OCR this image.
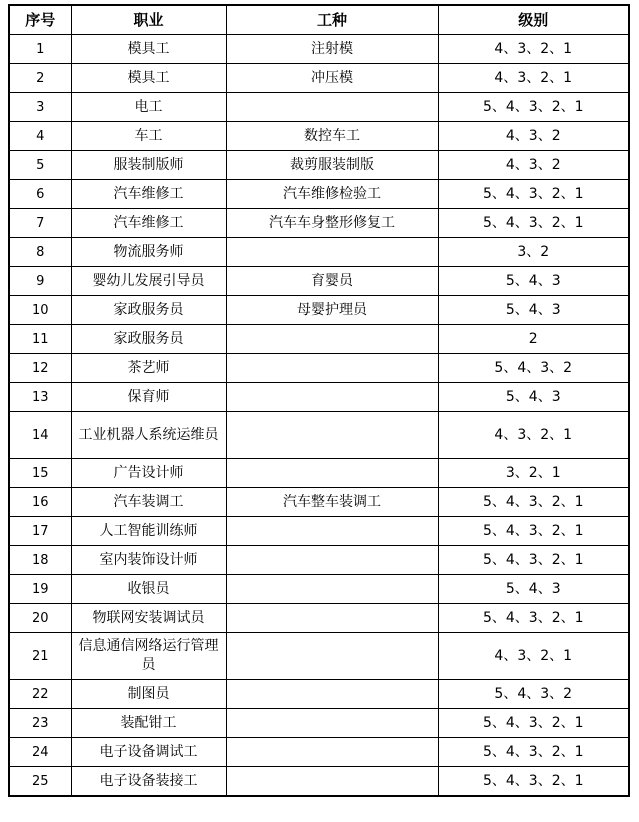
序号	职业	工种	级别
1	模具工	注射模	4、3、2、1
2	模具工	冲压模	4、3、2、1
3	电工		5、4、3、2、1
4	车工	数控车工	4、3、2
5	服装制版师	裁剪服装制版	4、3、2
6	汽车维修工	汽车维修检验工	5、4、3、2、1
7	汽车维修工	汽车车身整形修复工	5、4、3、2、1
8	物流服务师		3、2
9	婴幼儿发展引导员	育婴员	5、4、3
10	家政服务员	母婴护理员	5、4、3
11	家政服务员		2
12	茶艺师		5、4、3、2
13	保育师		5、4、3
14	工业机器人系统运维员		4、3、2、1
15	广告设计师		3、2、1
16	汽车装调工	汽车整车装调工	5、4、3、2、1
17	人工智能训练师		5、4、3、2、1
18	室内装饰设计师		5、4、3、2、1
19	收银员		5、4、3
20	物联网安装调试员		5、4、3、2、1
21	信息通信网络运行管理员		4、3、2、1
22	制图员		5、4、3、2
23	装配钳工		5、4、3、2、1
24	电子设备调试工		5、4、3、2、1
25	电子设备装接工		5、4、3、2、1
